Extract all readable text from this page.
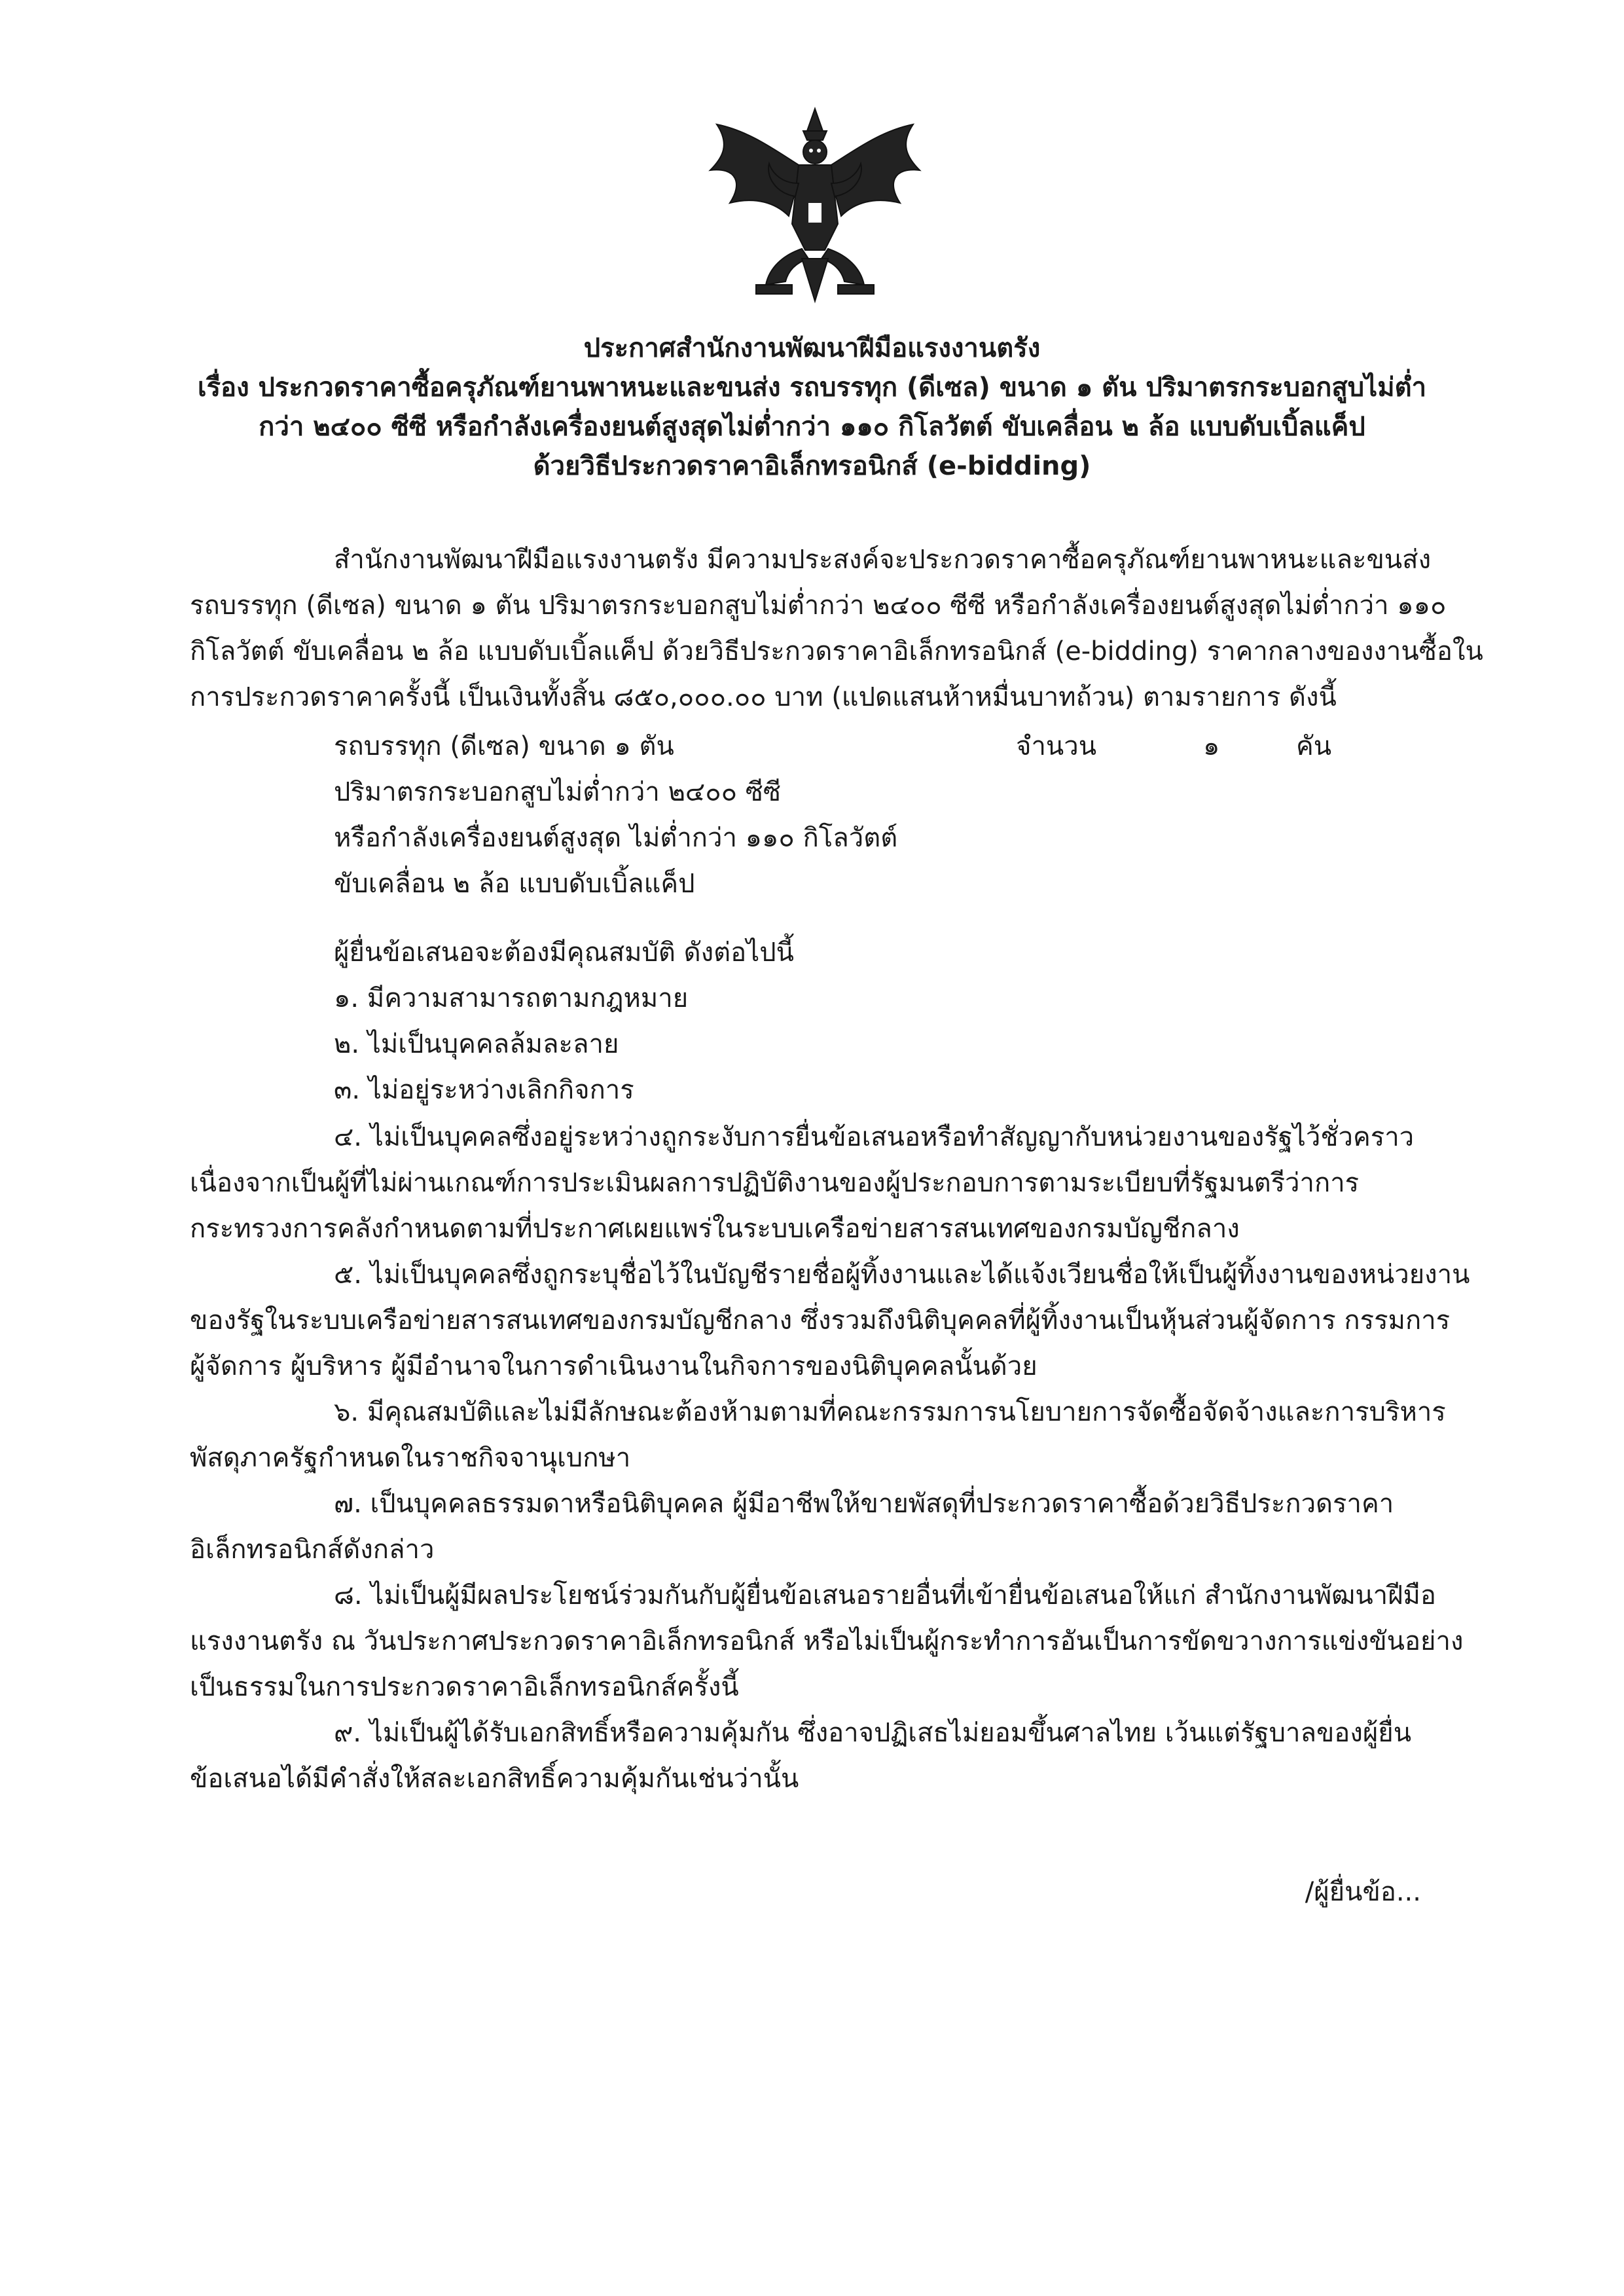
ประกาศสำนักงานพัฒนาฝีมือแรงงานตรัง
เรื่อง ประกวดราคาซื้อครุภัณฑ์ยานพาหนะและขนส่ง รถบรรทุก (ดีเซล) ขนาด ๑ ตัน ปริมาตรกระบอกสูบไม่ต่ำ
กว่า ๒๔๐๐ ซีซี หรือกำลังเครื่องยนต์สูงสุดไม่ต่ำกว่า ๑๑๐ กิโลวัตต์ ขับเคลื่อน ๒ ล้อ แบบดับเบิ้ลแค็ป
ด้วยวิธีประกวดราคาอิเล็กทรอนิกส์ (e-bidding)
สำนักงานพัฒนาฝีมือแรงงานตรัง มีความประสงค์จะประกวดราคาซื้อครุภัณฑ์ยานพาหนะและขนส่ง
รถบรรทุก (ดีเซล) ขนาด ๑ ตัน ปริมาตรกระบอกสูบไม่ต่ำกว่า ๒๔๐๐ ซีซี หรือกำลังเครื่องยนต์สูงสุดไม่ต่ำกว่า ๑๑๐
กิโลวัตต์ ขับเคลื่อน ๒ ล้อ แบบดับเบิ้ลแค็ป ด้วยวิธีประกวดราคาอิเล็กทรอนิกส์ (e-bidding) ราคากลางของงานซื้อใน
การประกวดราคาครั้งนี้ เป็นเงินทั้งสิ้น ๘๕๐,๐๐๐.๐๐ บาท (แปดแสนห้าหมื่นบาทถ้วน) ตามรายการ ดังนี้
รถบรรทุก (ดีเซล) ขนาด ๑ ตัน	จำนวน	๑	คัน
ปริมาตรกระบอกสูบไม่ต่ำกว่า ๒๔๐๐ ซีซี
หรือกำลังเครื่องยนต์สูงสุด ไม่ต่ำกว่า ๑๑๐ กิโลวัตต์
ขับเคลื่อน ๒ ล้อ แบบดับเบิ้ลแค็ป
ผู้ยื่นข้อเสนอจะต้องมีคุณสมบัติ ดังต่อไปนี้
๑. มีความสามารถตามกฎหมาย
๒. ไม่เป็นบุคคลล้มละลาย
๓. ไม่อยู่ระหว่างเลิกกิจการ
๔. ไม่เป็นบุคคลซึ่งอยู่ระหว่างถูกระงับการยื่นข้อเสนอหรือทำสัญญากับหน่วยงานของรัฐไว้ชั่วคราว
เนื่องจากเป็นผู้ที่ไม่ผ่านเกณฑ์การประเมินผลการปฏิบัติงานของผู้ประกอบการตามระเบียบที่รัฐมนตรีว่าการ
กระทรวงการคลังกำหนดตามที่ประกาศเผยแพร่ในระบบเครือข่ายสารสนเทศของกรมบัญชีกลาง
๕. ไม่เป็นบุคคลซึ่งถูกระบุชื่อไว้ในบัญชีรายชื่อผู้ทิ้งงานและได้แจ้งเวียนชื่อให้เป็นผู้ทิ้งงานของหน่วยงาน
ของรัฐในระบบเครือข่ายสารสนเทศของกรมบัญชีกลาง ซึ่งรวมถึงนิติบุคคลที่ผู้ทิ้งงานเป็นหุ้นส่วนผู้จัดการ กรรมการ
ผู้จัดการ ผู้บริหาร ผู้มีอำนาจในการดำเนินงานในกิจการของนิติบุคคลนั้นด้วย
๖. มีคุณสมบัติและไม่มีลักษณะต้องห้ามตามที่คณะกรรมการนโยบายการจัดซื้อจัดจ้างและการบริหาร
พัสดุภาครัฐกำหนดในราชกิจจานุเบกษา
๗. เป็นบุคคลธรรมดาหรือนิติบุคคล ผู้มีอาชีพให้ขายพัสดุที่ประกวดราคาซื้อด้วยวิธีประกวดราคา
อิเล็กทรอนิกส์ดังกล่าว
๘. ไม่เป็นผู้มีผลประโยชน์ร่วมกันกับผู้ยื่นข้อเสนอรายอื่นที่เข้ายื่นข้อเสนอให้แก่ สำนักงานพัฒนาฝีมือ
แรงงานตรัง ณ วันประกาศประกวดราคาอิเล็กทรอนิกส์ หรือไม่เป็นผู้กระทำการอันเป็นการขัดขวางการแข่งขันอย่าง
เป็นธรรมในการประกวดราคาอิเล็กทรอนิกส์ครั้งนี้
๙. ไม่เป็นผู้ได้รับเอกสิทธิ์หรือความคุ้มกัน ซึ่งอาจปฏิเสธไม่ยอมขึ้นศาลไทย เว้นแต่รัฐบาลของผู้ยื่น
ข้อเสนอได้มีคำสั่งให้สละเอกสิทธิ์ความคุ้มกันเช่นว่านั้น
/ผู้ยื่นข้อ...
